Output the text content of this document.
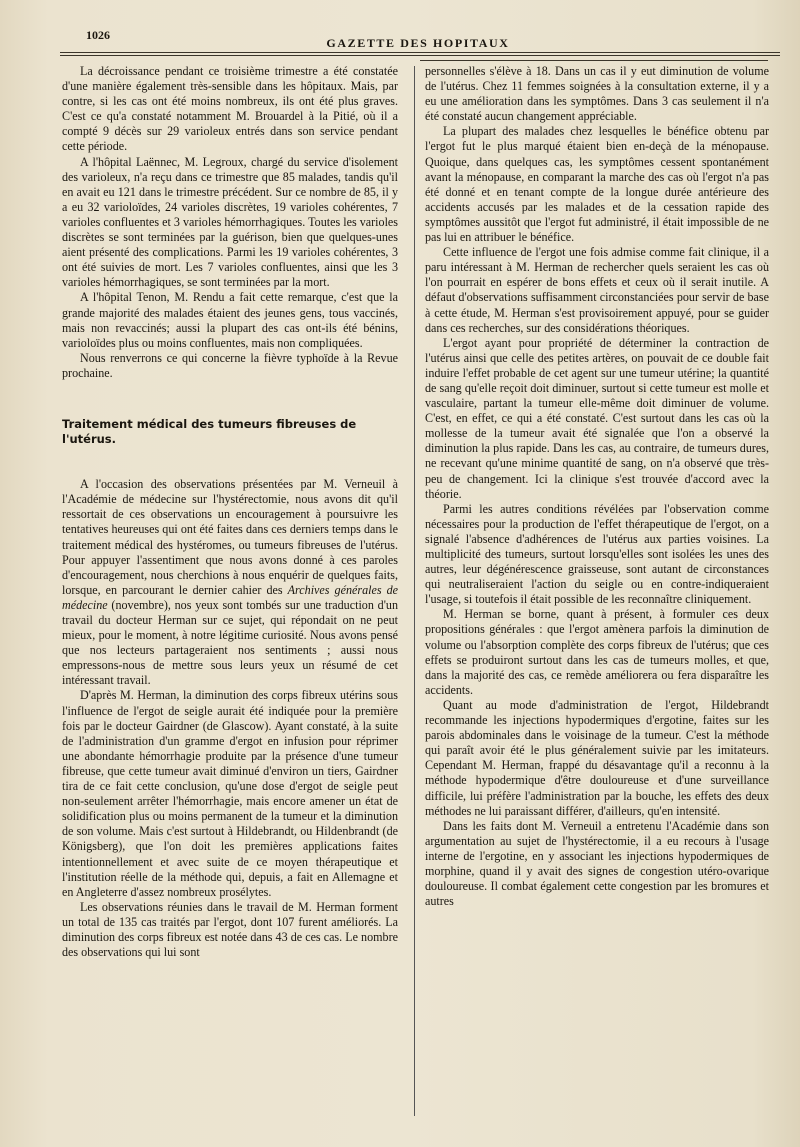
1026
GAZETTE DES HOPITAUX

La décroissance pendant ce troisième trimestre a été constatée d'une manière également très-sensible dans les hôpitaux. Mais, par contre, si les cas ont été moins nombreux, ils ont été plus graves. C'est ce qu'a constaté notamment M. Brouardel à la Pitié, où il a compté 9 décès sur 29 varioleux entrés dans son service pendant cette période.

A l'hôpital Laënnec, M. Legroux, chargé du service d'isolement des varioleux, n'a reçu dans ce trimestre que 85 malades, tandis qu'il en avait eu 121 dans le trimestre précédent. Sur ce nombre de 85, il y a eu 32 varioloïdes, 24 varioles discrètes, 19 varioles cohérentes, 7 varioles confluentes et 3 varioles hémorrhagiques. Toutes les varioles discrètes se sont terminées par la guérison, bien que quelques-unes aient présenté des complications. Parmi les 19 varioles cohérentes, 3 ont été suivies de mort. Les 7 varioles confluentes, ainsi que les 3 varioles hémorrhagiques, se sont terminées par la mort.

A l'hôpital Tenon, M. Rendu a fait cette remarque, c'est que la grande majorité des malades étaient des jeunes gens, tous vaccinés, mais non revaccinés; aussi la plupart des cas ont-ils été bénins, varioloïdes plus ou moins confluentes, mais non compliquées.

Nous renverrons ce qui concerne la fièvre typhoïde à la Revue prochaine.

Traitement médical des tumeurs fibreuses de l'utérus.

A l'occasion des observations présentées par M. Verneuil à l'Académie de médecine sur l'hystérectomie, nous avons dit qu'il ressortait de ces observations un encouragement à poursuivre les tentatives heureuses qui ont été faites dans ces derniers temps dans le traitement médical des hystéromes, ou tumeurs fibreuses de l'utérus. Pour appuyer l'assentiment que nous avons donné à ces paroles d'encouragement, nous cherchions à nous enquérir de quelques faits, lorsque, en parcourant le dernier cahier des Archives générales de médecine (novembre), nos yeux sont tombés sur une traduction d'un travail du docteur Herman sur ce sujet, qui répondait on ne peut mieux, pour le moment, à notre légitime curiosité. Nous avons pensé que nos lecteurs partageraient nos sentiments ; aussi nous empressons-nous de mettre sous leurs yeux un résumé de cet intéressant travail.

D'après M. Herman, la diminution des corps fibreux utérins sous l'influence de l'ergot de seigle aurait été indiquée pour la première fois par le docteur Gairdner (de Glascow). Ayant constaté, à la suite de l'administration d'un gramme d'ergot en infusion pour réprimer une abondante hémorrhagie produite par la présence d'une tumeur fibreuse, que cette tumeur avait diminué d'environ un tiers, Gairdner tira de ce fait cette conclusion, qu'une dose d'ergot de seigle peut non-seulement arrêter l'hémorrhagie, mais encore amener un état de solidification plus ou moins permanent de la tumeur et la diminution de son volume. Mais c'est surtout à Hildebrandt, ou Hildenbrandt (de Königsberg), que l'on doit les premières applications faites intentionnellement et avec suite de ce moyen thérapeutique et l'institution réelle de la méthode qui, depuis, a fait en Allemagne et en Angleterre d'assez nombreux prosélytes.

Les observations réunies dans le travail de M. Herman forment un total de 135 cas traités par l'ergot, dont 107 furent améliorés. La diminution des corps fibreux est notée dans 43 de ces cas. Le nombre des observations qui lui sont

personnelles s'élève à 18. Dans un cas il y eut diminution de volume de l'utérus. Chez 11 femmes soignées à la consultation externe, il y a eu une amélioration dans les symptômes. Dans 3 cas seulement il n'a été constaté aucun changement appréciable.

La plupart des malades chez lesquelles le bénéfice obtenu par l'ergot fut le plus marqué étaient bien en-deçà de la ménopause. Quoique, dans quelques cas, les symptômes cessent spontanément avant la ménopause, en comparant la marche des cas où l'ergot n'a pas été donné et en tenant compte de la longue durée antérieure des accidents accusés par les malades et de la cessation rapide des symptômes aussitôt que l'ergot fut administré, il était impossible de ne pas lui en attribuer le bénéfice.

Cette influence de l'ergot une fois admise comme fait clinique, il a paru intéressant à M. Herman de rechercher quels seraient les cas où l'on pourrait en espérer de bons effets et ceux où il serait inutile. A défaut d'observations suffisamment circonstanciées pour servir de base à cette étude, M. Herman s'est provisoirement appuyé, pour se guider dans ces recherches, sur des considérations théoriques.

L'ergot ayant pour propriété de déterminer la contraction de l'utérus ainsi que celle des petites artères, on pouvait de ce double fait induire l'effet probable de cet agent sur une tumeur utérine; la quantité de sang qu'elle reçoit doit diminuer, surtout si cette tumeur est molle et vasculaire, partant la tumeur elle-même doit diminuer de volume. C'est, en effet, ce qui a été constaté. C'est surtout dans les cas où la mollesse de la tumeur avait été signalée que l'on a observé la diminution la plus rapide. Dans les cas, au contraire, de tumeurs dures, ne recevant qu'une minime quantité de sang, on n'a observé que très-peu de changement. Ici la clinique s'est trouvée d'accord avec la théorie.

Parmi les autres conditions révélées par l'observation comme nécessaires pour la production de l'effet thérapeutique de l'ergot, on a signalé l'absence d'adhérences de l'utérus aux parties voisines. La multiplicité des tumeurs, surtout lorsqu'elles sont isolées les unes des autres, leur dégénérescence graisseuse, sont autant de circonstances qui neutraliseraient l'action du seigle ou en contre-indiqueraient l'usage, si toutefois il était possible de les reconnaître cliniquement.

M. Herman se borne, quant à présent, à formuler ces deux propositions générales : que l'ergot amènera parfois la diminution de volume ou l'absorption complète des corps fibreux de l'utérus; que ces effets se produiront surtout dans les cas de tumeurs molles, et que, dans la majorité des cas, ce remède améliorera ou fera disparaître les accidents.

Quant au mode d'administration de l'ergot, Hildebrandt recommande les injections hypodermiques d'ergotine, faites sur les parois abdominales dans le voisinage de la tumeur. C'est la méthode qui paraît avoir été le plus généralement suivie par les imitateurs. Cependant M. Herman, frappé du désavantage qu'il a reconnu à la méthode hypodermique d'être douloureuse et d'une surveillance difficile, lui préfère l'administration par la bouche, les effets des deux méthodes ne lui paraissant différer, d'ailleurs, qu'en intensité.

Dans les faits dont M. Verneuil a entretenu l'Académie dans son argumentation au sujet de l'hystérectomie, il a eu recours à l'usage interne de l'ergotine, en y associant les injections hypodermiques de morphine, quand il y avait des signes de congestion utéro-ovarique douloureuse. Il combat également cette congestion par les bromures et autres
